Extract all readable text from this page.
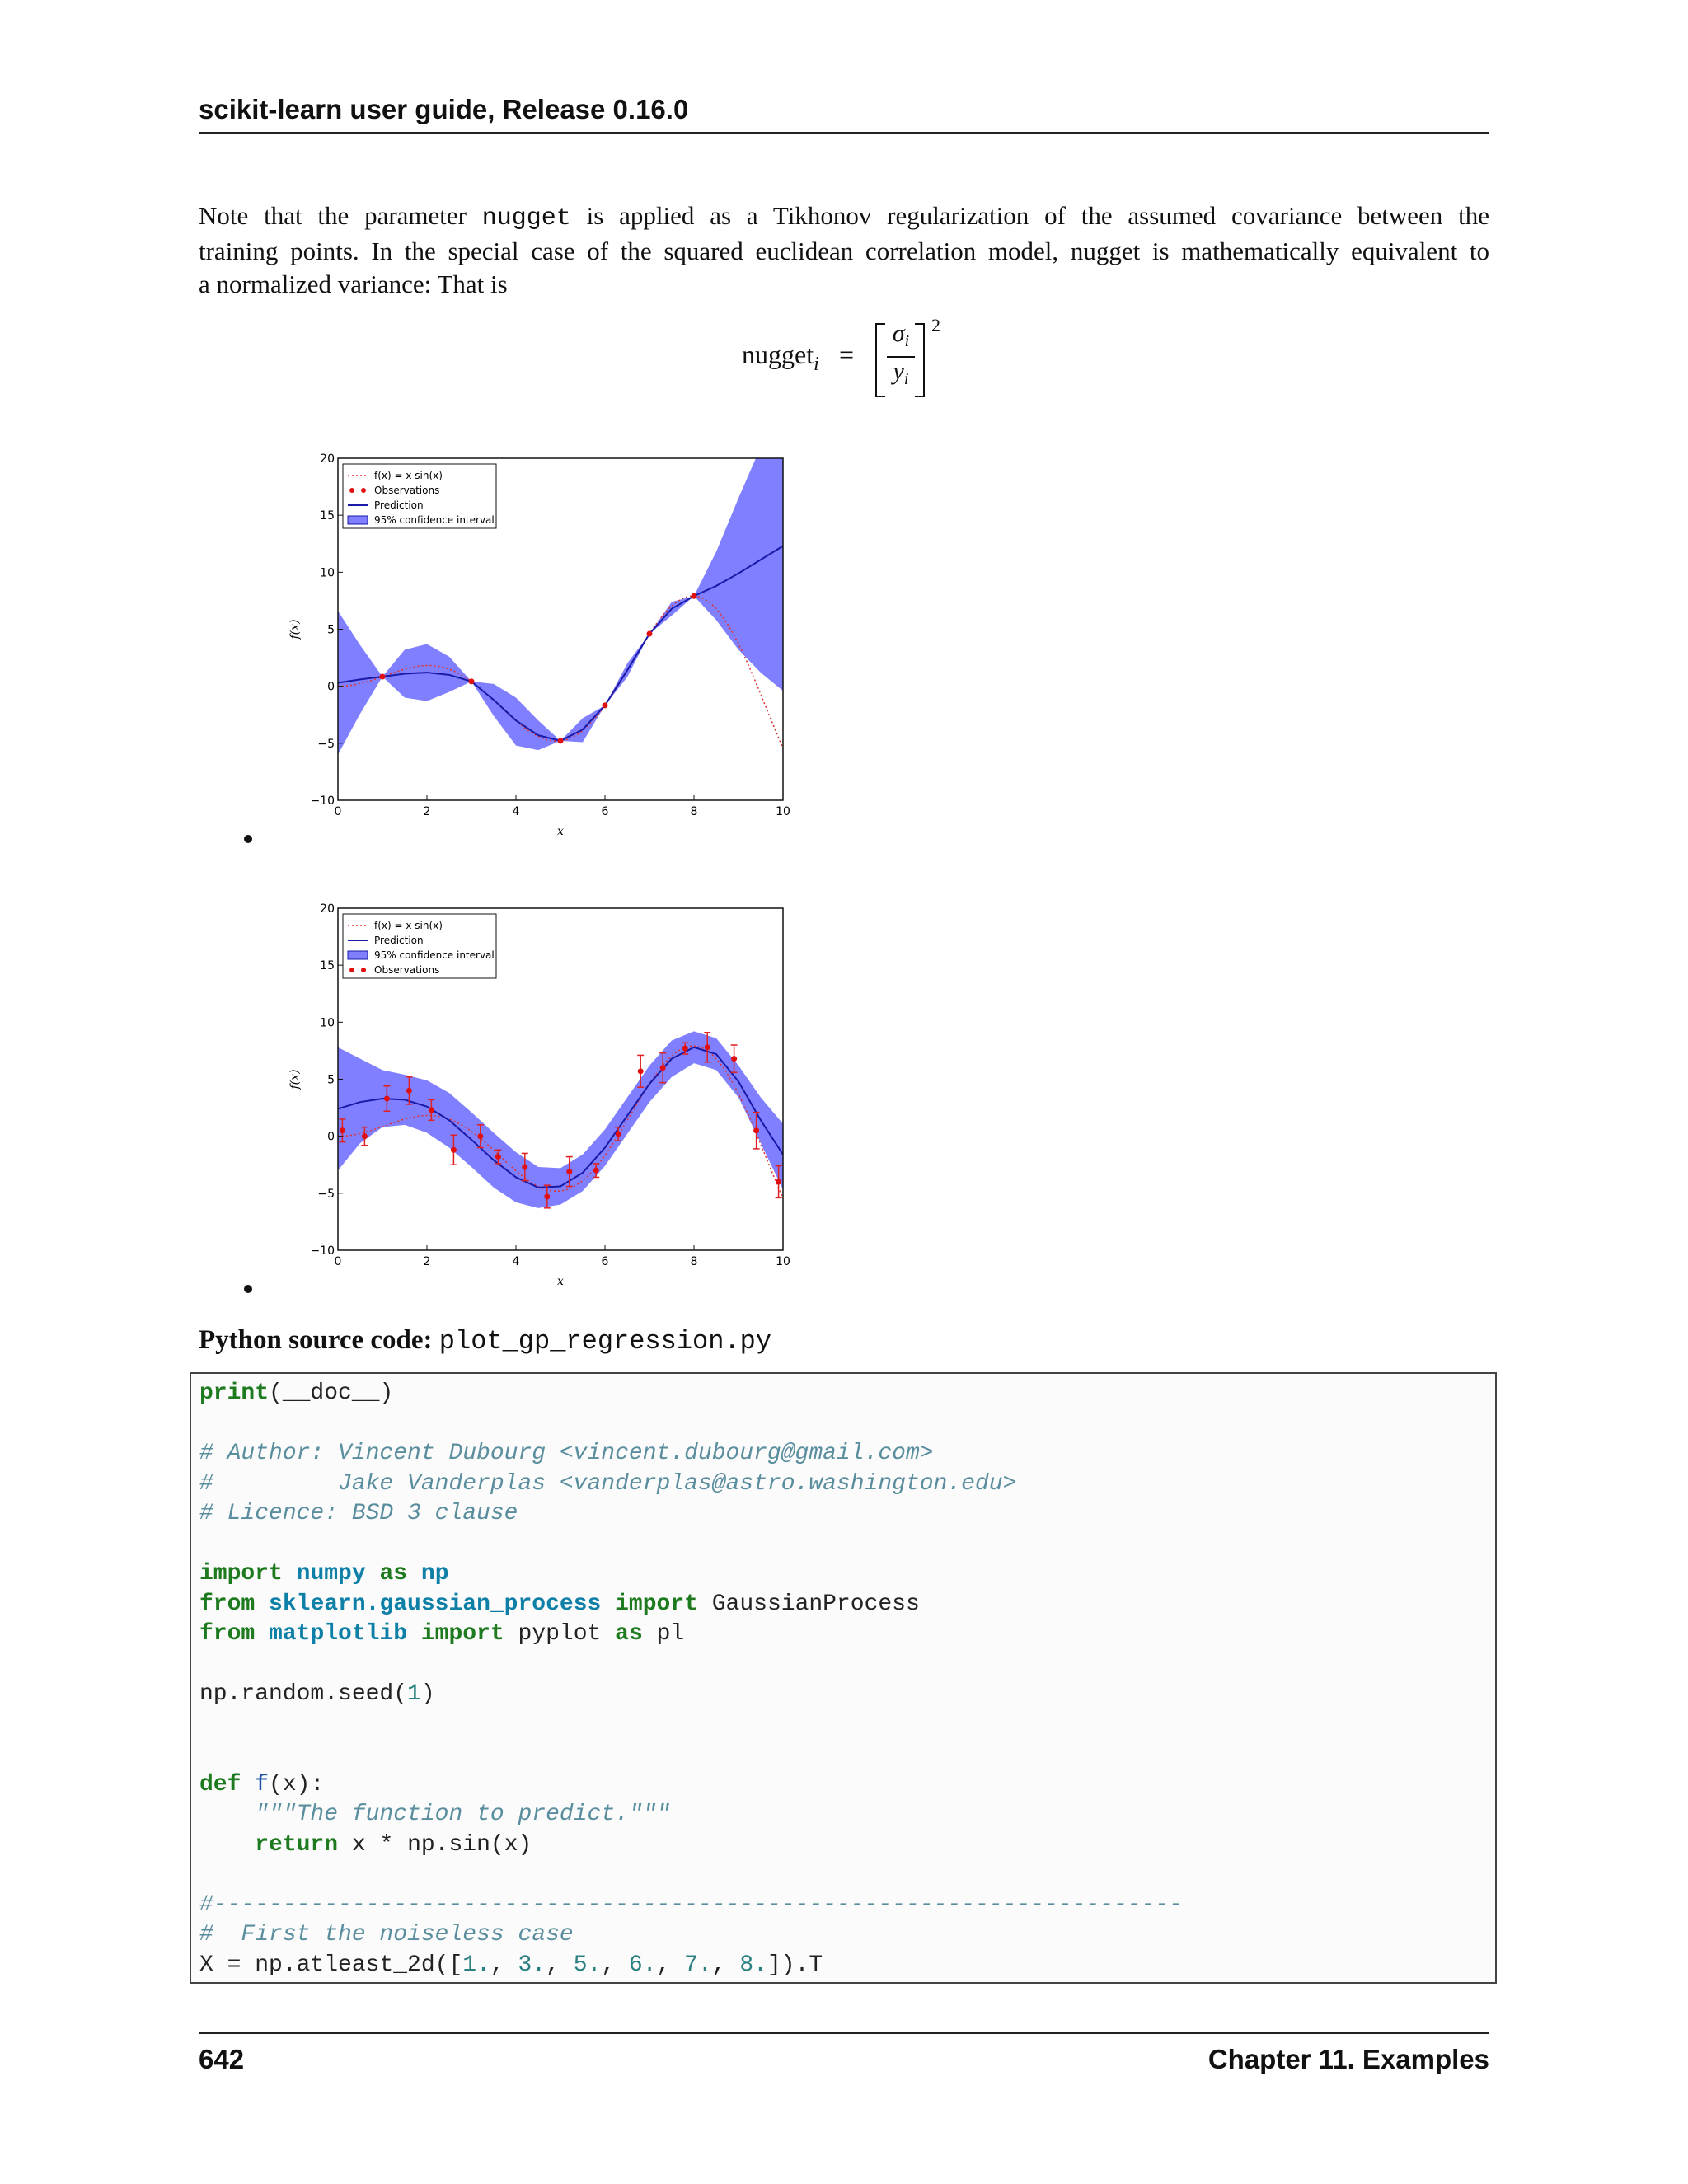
scikit-learn user guide, Release 0.16.0
Note that the parameter nugget is applied as a Tikhonov regularization of the assumed covariance between the
training points. In the special case of the squared euclidean correlation model, nugget is mathematically equivalent to
a normalized variance: That is
nugget$_i$ =
$\sigma_i$
$y_i$
2
0	2	4	6	8	10
−10
−5
0
5
10
15
20
x
f(x)
f(x) = x sin(x)
Observations
Prediction
95% confidence interval
0	2	4	6	8	10
−10
−5
0
5
10
15
20
x
f(x)
f(x) = x sin(x)
Prediction
95% confidence interval
Observations
Python source code: plot_gp_regression.py
print(__doc__)

# Author: Vincent Dubourg <vincent.dubourg@gmail.com>
#         Jake Vanderplas <vanderplas@astro.washington.edu>
# Licence: BSD 3 clause

import numpy as np
from sklearn.gaussian_process import GaussianProcess
from matplotlib import pyplot as pl

np.random.seed(1)

def f(x):
"""The function to predict."""
return x * np.sin(x)

#----------------------------------------------------------------------
#  First the noiseless case
X = np.atleast_2d([1., 3., 5., 6., 7., 8.]).T
642	Chapter 11. Examples
